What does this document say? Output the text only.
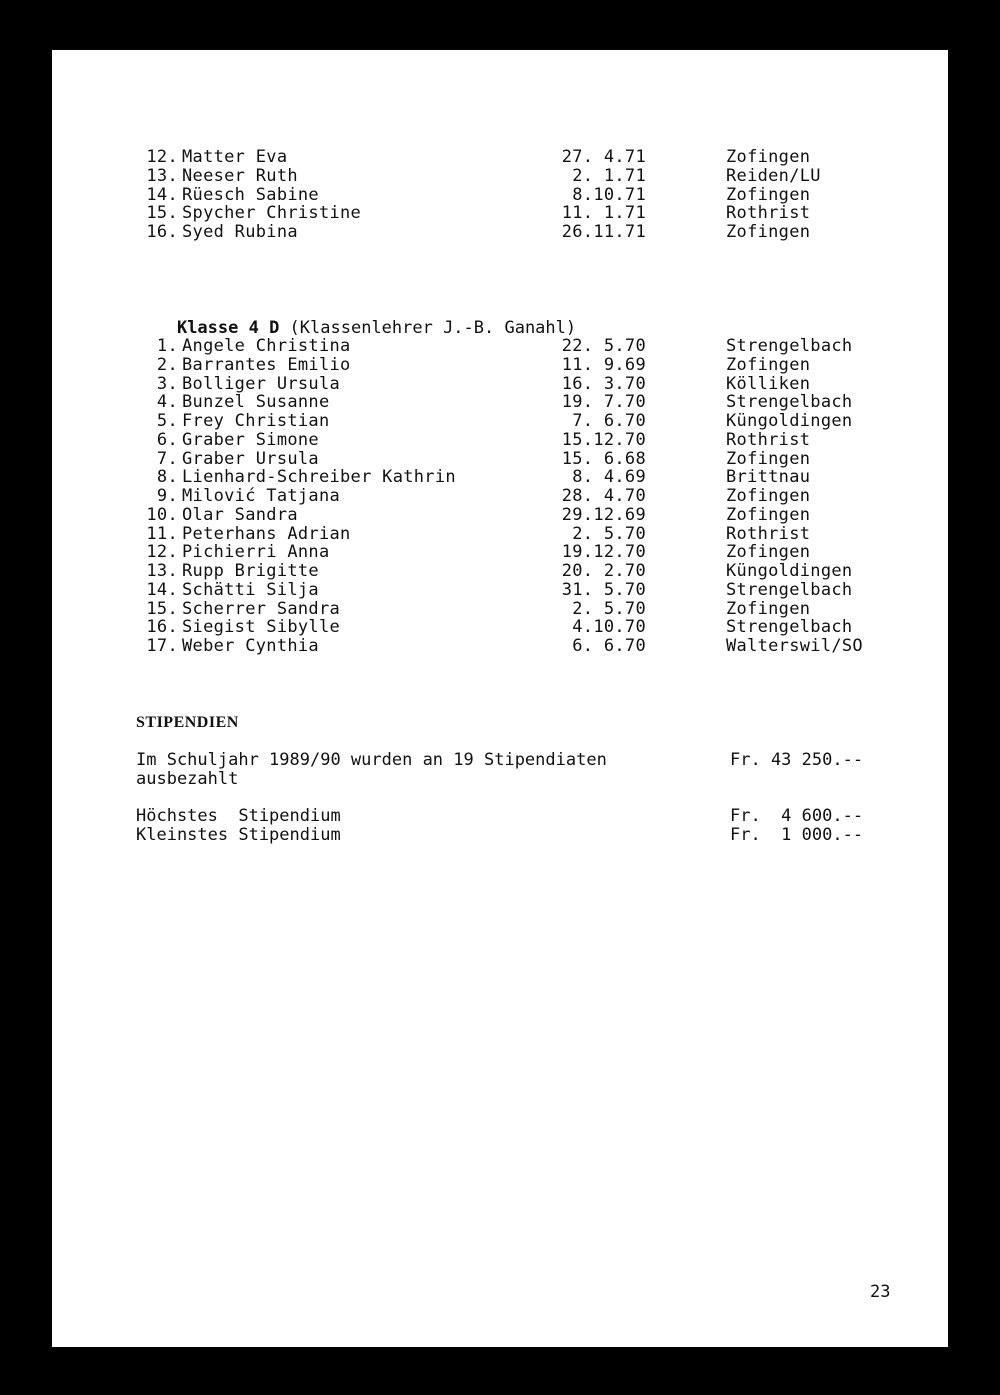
12. Matter Eva	27. 4.71	Zofingen
13. Neeser Ruth	2. 1.71	Reiden/LU
14. Rüesch Sabine	8.10.71	Zofingen
15. Spycher Christine	11. 1.71	Rothrist
16. Syed Rubina	26.11.71	Zofingen

Klasse 4 D (Klassenlehrer J.-B. Ganahl)

1. Angele Christina	22. 5.70	Strengelbach
2. Barrantes Emilio	11. 9.69	Zofingen
3. Bolliger Ursula	16. 3.70	Kölliken
4. Bunzel Susanne	19. 7.70	Strengelbach
5. Frey Christian	7. 6.70	Küngoldingen
6. Graber Simone	15.12.70	Rothrist
7. Graber Ursula	15. 6.68	Zofingen
8. Lienhard-Schreiber Kathrin	8. 4.69	Brittnau
9. Milović Tatjana	28. 4.70	Zofingen
10. Olar Sandra	29.12.69	Zofingen
11. Peterhans Adrian	2. 5.70	Rothrist
12. Pichierri Anna	19.12.70	Zofingen
13. Rupp Brigitte	20. 2.70	Küngoldingen
14. Schätti Silja	31. 5.70	Strengelbach
15. Scherrer Sandra	2. 5.70	Zofingen
16. Siegist Sibylle	4.10.70	Strengelbach
17. Weber Cynthia	6. 6.70	Walterswil/SO
STIPENDIEN
Im Schuljahr 1989/90 wurden an 19 Stipendiaten	Fr. 43 250.--
ausbezahlt
Höchstes  Stipendium	Fr.  4 600.--
Kleinstes Stipendium	Fr.  1 000.--
23
